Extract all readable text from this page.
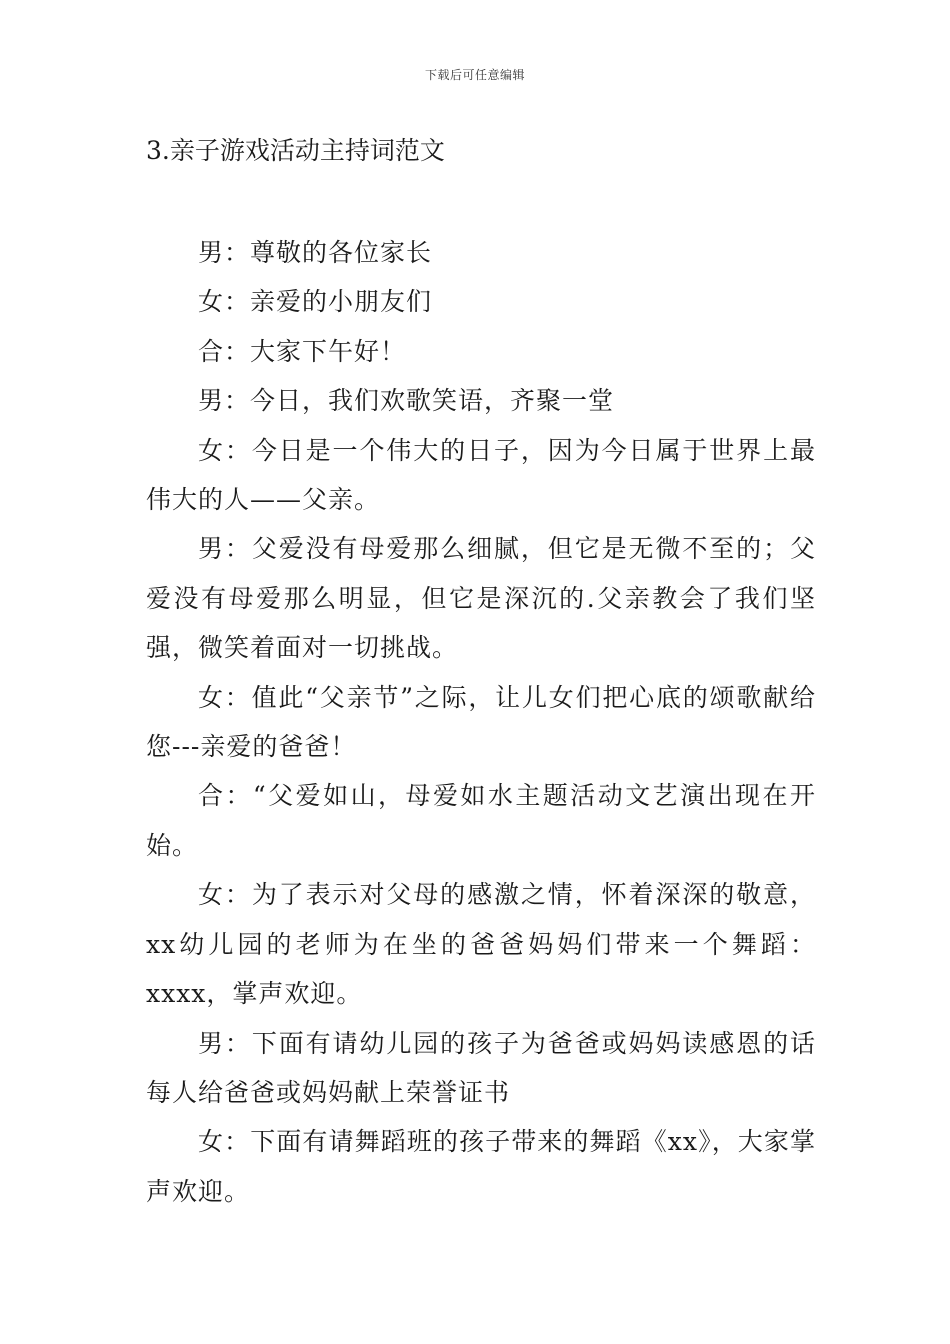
下载后可任意编辑
3.亲子游戏活动主持词范文

男：尊敬的各位家长

女：亲爱的小朋友们

合：大家下午好！

男：今日，我们欢歌笑语，齐聚一堂

女：今日是一个伟大的日子，因为今日属于世界上最伟大的人——父亲。

男：父爱没有母爱那么细腻，但它是无微不至的；父爱没有母爱那么明显，但它是深沉的.父亲教会了我们坚强，微笑着面对一切挑战。

女：值此“父亲节”之际，让儿女们把心底的颂歌献给您---亲爱的爸爸！

合：“父爱如山，母爱如水主题活动文艺演出现在开始。

女：为了表示对父母的感激之情，怀着深深的敬意，xx幼儿园的老师为在坐的爸爸妈妈们带来一个舞蹈：xxxx，掌声欢迎。

男：下面有请幼儿园的孩子为爸爸或妈妈读感恩的话每人给爸爸或妈妈献上荣誉证书

女：下面有请舞蹈班的孩子带来的舞蹈《xx》，大家掌声欢迎。
